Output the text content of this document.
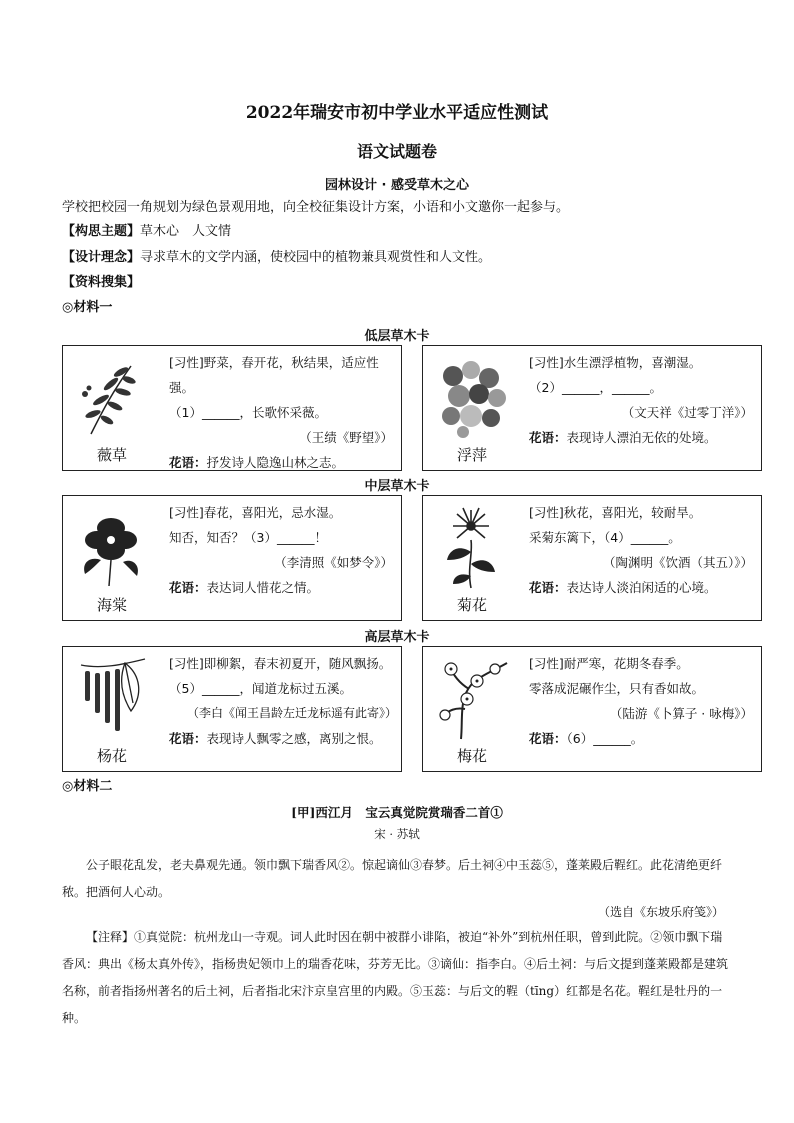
2022年瑞安市初中学业水平适应性测试
语文试题卷
园林设计 · 感受草木之心
学校把校园一角规划为绿色景观用地，向全校征集设计方案，小语和小文邀你一起参与。
【构思主题】草木心　人文情
【设计理念】寻求草木的文学内涵，使校园中的植物兼具观赏性和人文性。
【资料搜集】
◎材料一
低层草木卡
薇草
[习性]野菜，春开花，秋结果，适应性
强。
（1）______，长歌怀采薇。
（王绩《野望》）
花语：抒发诗人隐逸山林之志。	浮萍
[习性]水生漂浮植物，喜潮湿。
（2）______，______。
（文天祥《过零丁洋》）
花语：表现诗人漂泊无依的处境。
中层草木卡
海棠
[习性]春花，喜阳光，忌水湿。
知否，知否？（3）______！
（李清照《如梦令》）
花语：表达词人惜花之情。
菊花
[习性]秋花，喜阳光，较耐旱。
采菊东篱下，（4）______。
（陶渊明《饮酒（其五）》）
花语：表达诗人淡泊闲适的心境。
高层草木卡
杨花
[习性]即柳絮，春末初夏开，随风飘扬。
（5）______，闻道龙标过五溪。
（李白《闻王昌龄左迁龙标遥有此寄》）
花语：表现诗人飘零之感，离别之恨。
梅花
[习性]耐严寒，花期冬春季。
零落成泥碾作尘，只有香如故。
（陆游《卜算子 · 咏梅》）
花语：（6）______。
◎材料二
[甲]西江月　宝云真觉院赏瑞香二首①
宋 · 苏轼
公子眼花乱发，老夫鼻观先通。领巾飘下瑞香风②。惊起谪仙③春梦。后土祠④中玉蕊⑤，蓬莱殿后鞓红。此花清绝更纤秾。把酒何人心动。
（选自《东坡乐府笺》）
【注释】①真觉院：杭州龙山一寺观。词人此时因在朝中被群小诽陷，被迫“补外”到杭州任职，曾到此院。②领巾飘下瑞香风：典出《杨太真外传》，指杨贵妃领巾上的瑞香花味，芬芳无比。③谪仙：指李白。④后土祠：与后文提到蓬莱殿都是建筑名称，前者指扬州著名的后土祠，后者指北宋汴京皇宫里的内殿。⑤玉蕊：与后文的鞓（tīng）红都是名花。鞓红是牡丹的一种。
